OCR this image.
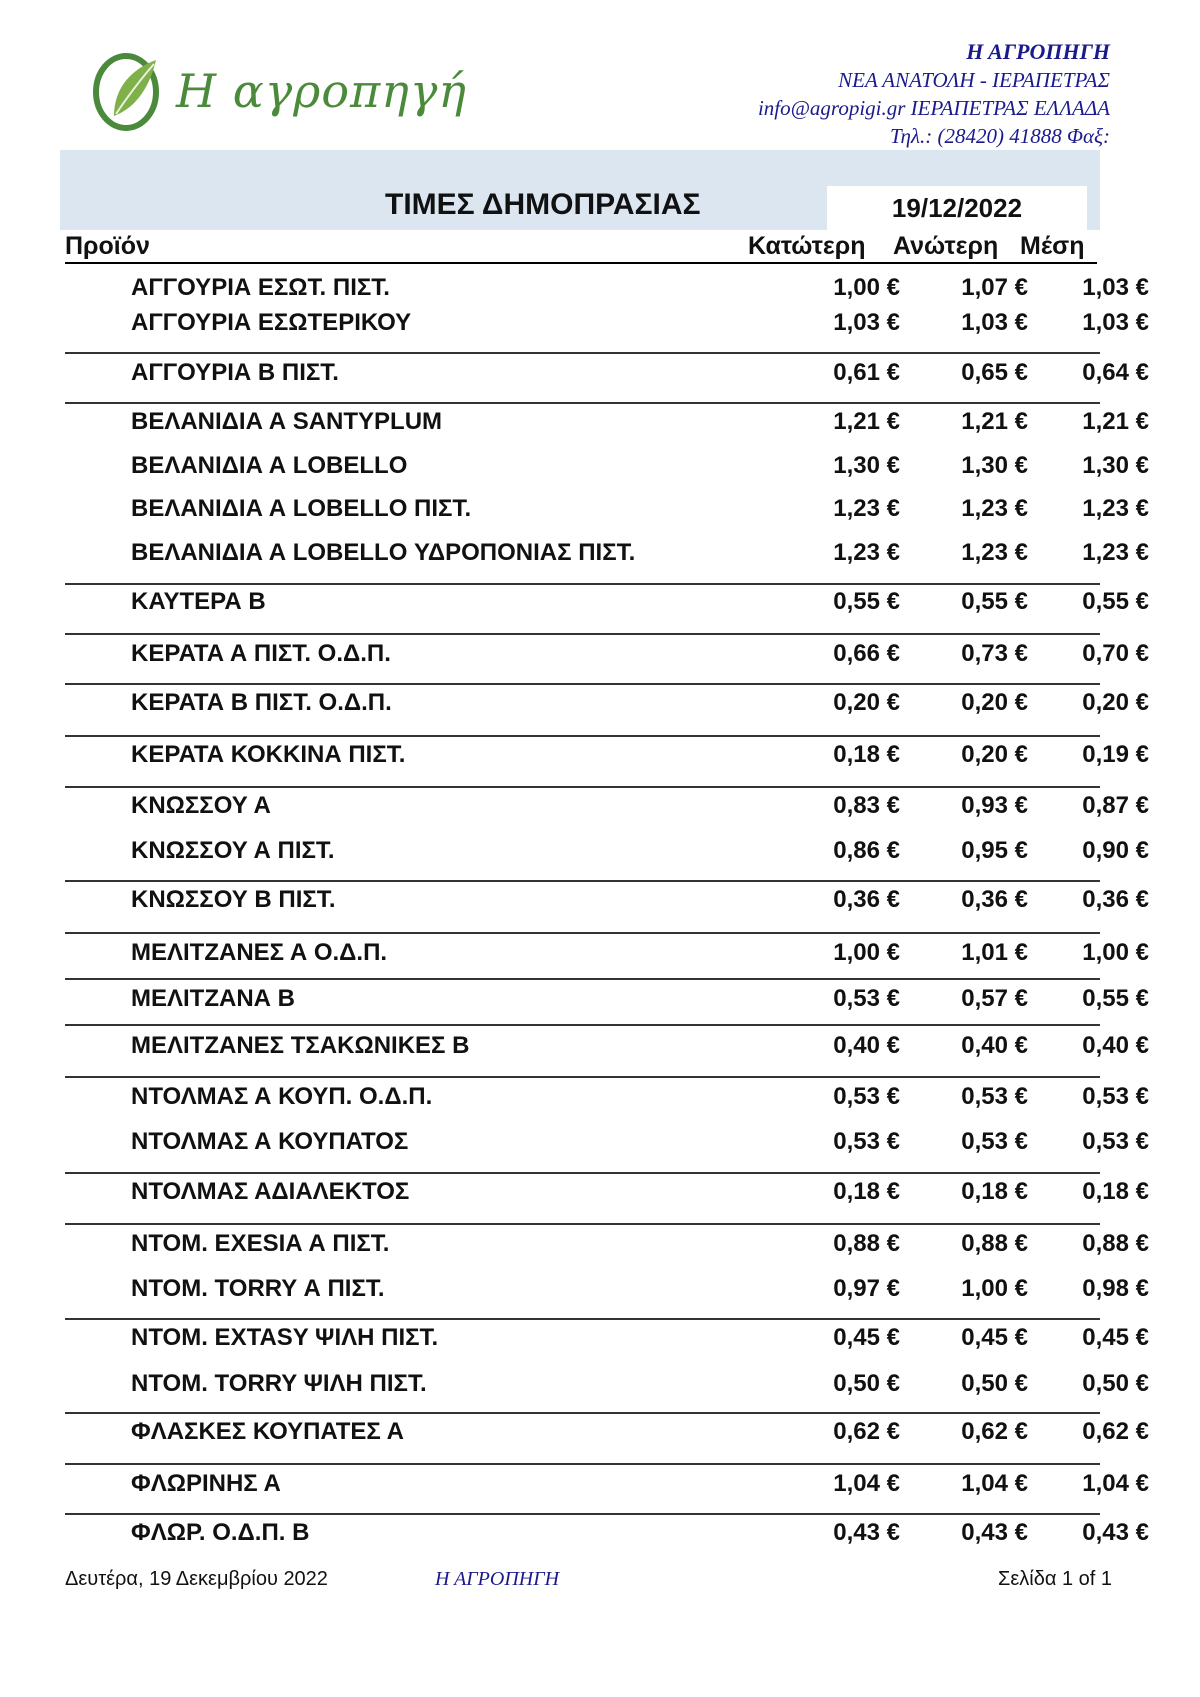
Η αγροπηγή
Η ΑΓΡΟΠΗΓΗ
ΝΕΑ ΑΝΑΤΟΛΗ - ΙΕΡΑΠΕΤΡΑΣ
info@agropigi.gr ΙΕΡΑΠΕΤΡΑΣ ΕΛΛΑΔΑ
Τηλ.: (28420) 41888 Φαξ:
ΤΙΜΕΣ ΔΗΜΟΠΡΑΣΙΑΣ	19/12/2022
Προϊόν	Κατώτερη Ανώτερη Μέση
ΑΓΓΟΥΡΙΑ ΕΣΩΤ. ΠΙΣΤ.	1,00 €	1,07 €	1,03 €
ΑΓΓΟΥΡΙΑ ΕΣΩΤΕΡΙΚΟΥ	1,03 €	1,03 €	1,03 €
ΑΓΓΟΥΡΙΑ Β ΠΙΣΤ.	0,61 €	0,65 €	0,64 €
ΒΕΛΑΝΙΔΙΑ Α SANTYPLUM	1,21 €	1,21 €	1,21 €
ΒΕΛΑΝΙΔΙΑ Α LOBELLO	1,30 €	1,30 €	1,30 €
ΒΕΛΑΝΙΔΙΑ Α LOBELLO ΠΙΣΤ.	1,23 €	1,23 €	1,23 €
ΒΕΛΑΝΙΔΙΑ Α LOBELLO ΥΔΡΟΠΟΝΙΑΣ ΠΙΣΤ.	1,23 €	1,23 €	1,23 €
ΚΑΥΤΕΡΑ Β	0,55 €	0,55 €	0,55 €
ΚΕΡΑΤΑ Α ΠΙΣΤ. Ο.Δ.Π.	0,66 €	0,73 €	0,70 €
ΚΕΡΑΤΑ Β ΠΙΣΤ. Ο.Δ.Π.	0,20 €	0,20 €	0,20 €
ΚΕΡΑΤΑ ΚΟΚΚΙΝΑ ΠΙΣΤ.	0,18 €	0,20 €	0,19 €
ΚΝΩΣΣΟΥ Α	0,83 €	0,93 €	0,87 €
ΚΝΩΣΣΟΥ Α ΠΙΣΤ.	0,86 €	0,95 €	0,90 €
ΚΝΩΣΣΟΥ Β ΠΙΣΤ.	0,36 €	0,36 €	0,36 €
ΜΕΛΙΤΖΑΝΕΣ Α Ο.Δ.Π.	1,00 €	1,01 €	1,00 €
ΜΕΛΙΤΖΑΝΑ Β	0,53 €	0,57 €	0,55 €
ΜΕΛΙΤΖΑΝΕΣ ΤΣΑΚΩΝΙΚΕΣ Β	0,40 €	0,40 €	0,40 €
ΝΤΟΛΜΑΣ Α ΚΟΥΠ. Ο.Δ.Π.	0,53 €	0,53 €	0,53 €
ΝΤΟΛΜΑΣ Α ΚΟΥΠΑΤΟΣ	0,53 €	0,53 €	0,53 €
ΝΤΟΛΜΑΣ ΑΔΙΑΛΕΚΤΟΣ	0,18 €	0,18 €	0,18 €
ΝΤΟΜ. EXESIA Α ΠΙΣΤ.	0,88 €	0,88 €	0,88 €
ΝΤΟΜ. TORRY Α ΠΙΣΤ.	0,97 €	1,00 €	0,98 €
ΝΤΟΜ. EXTASY ΨΙΛΗ ΠΙΣΤ.	0,45 €	0,45 €	0,45 €
ΝΤΟΜ. TORRY ΨΙΛΗ ΠΙΣΤ.	0,50 €	0,50 €	0,50 €
ΦΛΑΣΚΕΣ ΚΟΥΠΑΤΕΣ Α	0,62 €	0,62 €	0,62 €
ΦΛΩΡΙΝΗΣ Α	1,04 €	1,04 €	1,04 €
ΦΛΩΡ. Ο.Δ.Π. Β	0,43 €	0,43 €	0,43 €
Δευτέρα, 19 Δεκεμβρίου 2022	Η ΑΓΡΟΠΗΓΗ	Σελίδα 1 of 1
